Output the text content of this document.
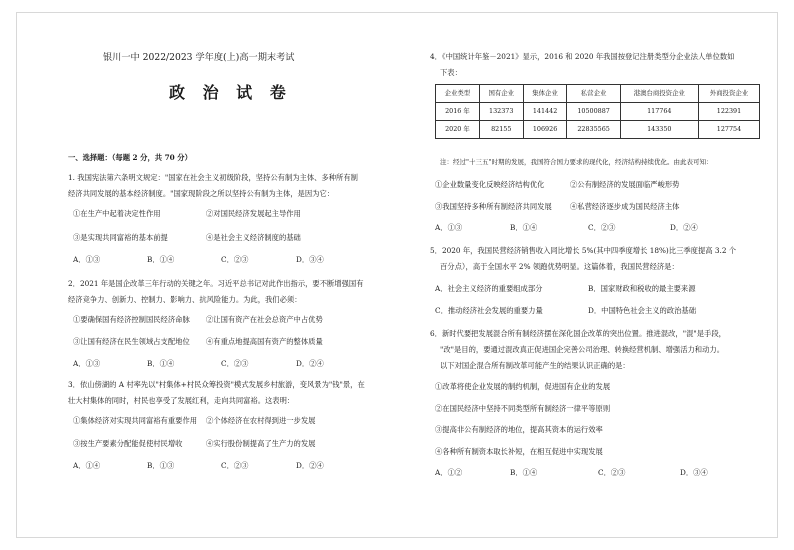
银川一中 2022/2023 学年度(上)高一期末考试
政 治 试 卷
一、选择题：（每题 2 分，共 70 分）
1. 我国宪法第六条明文规定："国家在社会主义初级阶段，坚持公有制为主体、多种所有制
经济共同发展的基本经济制度。"国家现阶段之所以坚持公有制为主体，是因为它：
①在生产中起着决定性作用	②对国民经济发展起主导作用
③是实现共同富裕的基本前提	④是社会主义经济制度的基础
A．①③	B．①④	C．②③	D．③④
2．2021 年是国企改革三年行动的关键之年。习近平总书记对此作出指示，要不断增强国有
经济竞争力、创新力、控制力、影响力、抗风险能力。为此，我们必须：
①要确保国有经济控制国民经济命脉 ②让国有资产在社会总资产中占优势
③让国有经济在民生领域占支配地位 ④有重点地提高国有资产的整体质量
A．①③	B．①④	C．②③	D．②④
3．依山傍湖的 A 村率先以"村集体+村民众筹投资"模式发展乡村旅游，变风景为"钱"景，在
壮大村集体的同时，村民也享受了发展红利，走向共同富裕。这表明：
①集体经济对实现共同富裕有重要作用 ②个体经济在农村得到进一步发展
③按生产要素分配能促使村民增收	④实行股份制提高了生产力的发展
A．①④	B．①③	C．②③	D．②④
4．《中国统计年鉴－2021》显示，2016 和 2020 年我国按登记注册类型分企业法人单位数如
下表：
企业类型	国有企业	集体企业	私营企业	港澳台商投资企业	外商投资企业
2016 年	132373	141442	10500887	117764	122391
2020 年	82155	106926	22835565	143350	127754
注：经过"十三五"时期的发展，我国符合国力要求的现代化，经济结构持续优化。由此表可知：
①企业数量变化反映经济结构优化	②公有制经济的发展面临严峻形势
③我国坚持多种所有制经济共同发展	④私营经济逐步成为国民经济主体
A．①③	B．①④	C．②③	D．②④
5．2020 年，我国民营经济销售收入同比增长 5%(其中四季度增长 18%)比三季度提高 3.2 个
百分点），高于全国水平 2% 领跑优势明显。这篇体着，我国民营经济是：
A．社会主义经济的重要组成部分	B．国家财政和税收的最主要来源
C．推动经济社会发展的重要力量	D．中国特色社会主义的政治基础
6．新时代要把发展混合所有制经济摆在深化国企改革的突出位置。推进混改，"混"是手段，
"改"是目的，要通过混改真正促进国企完善公司治理、转换经营机制、增强活力和动力。
以下对国企混合所有制改革可能产生的结果认识正确的是：
①改革将使企业发展的制约机制，促进国有企业的发展
②在国民经济中坚持不同类型所有制经济一律平等原则
③提高非公有制经济的地位，提高其资本的运行效率
④各种所有制资本取长补短，在相互促进中实现发展
A．①②	B．①④	C．②③	D．③④
